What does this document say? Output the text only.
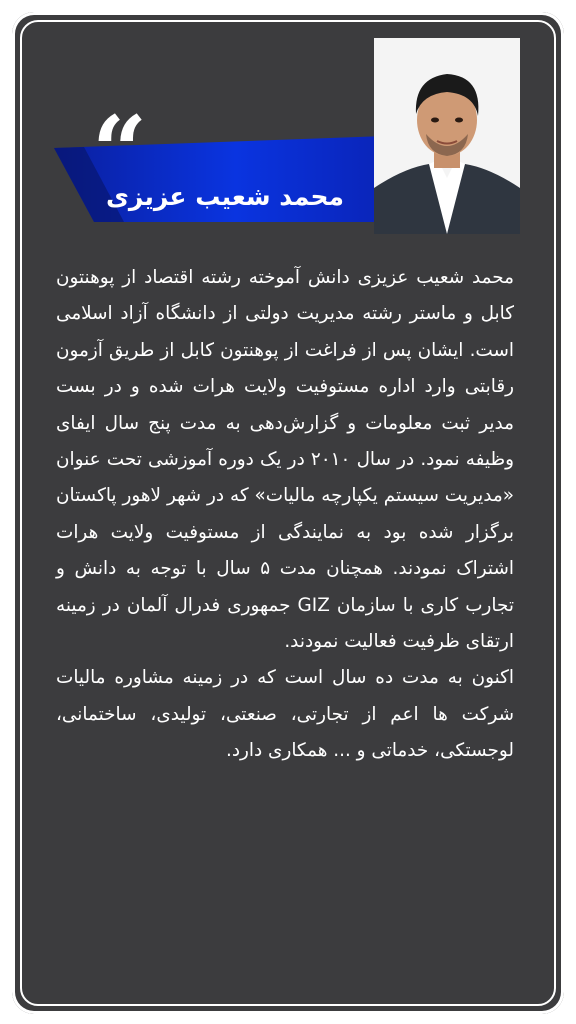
“
محمد شعیب عزیزی

محمد شعیب عزیزی دانش آموخته رشته اقتصاد از پوهنتون کابل و ماستر رشته مدیریت دولتی از دانشگاه آزاد اسلامی است. ایشان پس از فراغت از پوهنتون کابل از طریق آزمون رقابتی وارد اداره مستوفیت ولایت هرات شده و در بست مدیر ثبت معلومات و گزارش‌دهی به مدت پنج سال ایفای وظیفه نمود. در سال ۲۰۱۰ در یک دوره آموزشی تحت عنوان «مدیریت سیستم یکپارچه مالیات» که در شهر لاهور پاکستان برگزار شده بود به نمایندگی از مستوفیت ولایت هرات اشتراک نمودند. همچنان مدت ۵ سال با توجه به دانش و تجارب کاری با سازمان GIZ جمهوری فدرال آلمان در زمینه ارتقای ظرفیت فعالیت نمودند.

اکنون به مدت ده سال است که در زمینه مشاوره مالیات شرکت ها اعم از تجارتی، صنعتی، تولیدی، ساختمانی، لوجستکی، خدماتی و ... همکاری دارد.
